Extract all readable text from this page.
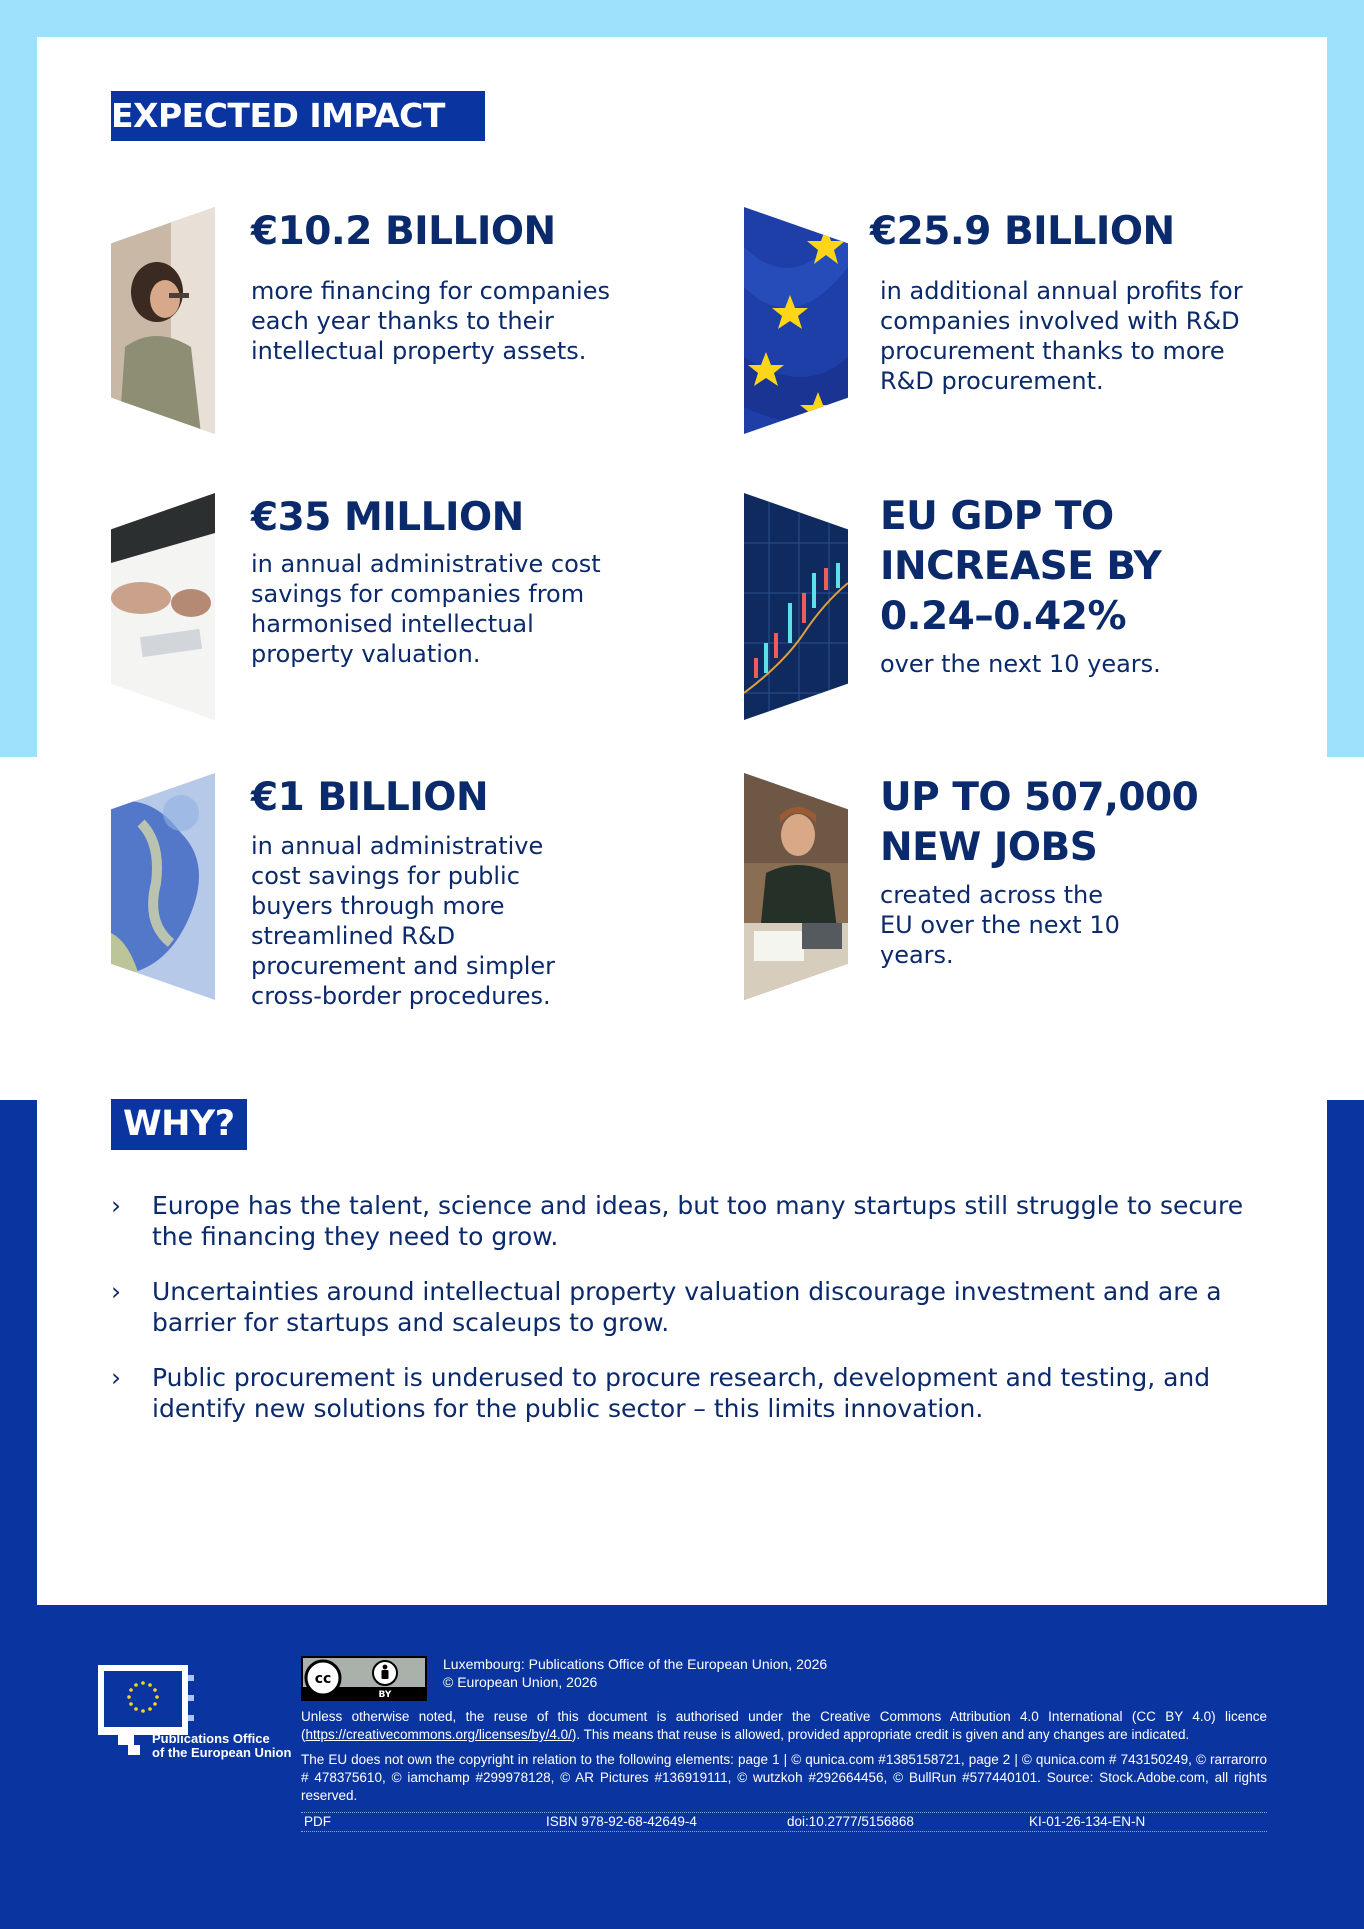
EXPECTED IMPACT
€10.2 BILLION
more financing for companies each year thanks to their intellectual property assets.
€25.9 BILLION
in additional annual profits for companies involved with R&D procurement thanks to more R&D procurement.
€35 MILLION
in annual administrative cost savings for companies from harmonised intellectual property valuation.
EU GDP TO INCREASE BY 0.24–0.42%
over the next 10 years.
€1 BILLION
in annual administrative cost savings for public buyers through more streamlined R&D procurement and simpler cross-border procedures.
UP TO 507,000 NEW JOBS
created across the EU over the next 10 years.
WHY?
› Europe has the talent, science and ideas, but too many startups still struggle to secure the financing they need to grow.
› Uncertainties around intellectual property valuation discourage investment and are a barrier for startups and scaleups to grow.
› Public procurement is underused to procure research, development and testing, and identify new solutions for the public sector – this limits innovation.
Publications Office
of the European Union
cc
BY
Luxembourg: Publications Office of the European Union, 2026
© European Union, 2026
Unless otherwise noted, the reuse of this document is authorised under the Creative Commons Attribution 4.0 International (CC BY 4.0) licence (https://creativecommons.org/licenses/by/4.0/). This means that reuse is allowed, provided appropriate credit is given and any changes are indicated.
The EU does not own the copyright in relation to the following elements: page 1 | © qunica.com #1385158721, page 2 | © qunica.com # 743150249, © rarrarorro # 478375610, © iamchamp #299978128, © AR Pictures #136919111, © wutzkoh #292664456, © BullRun #577440101. Source: Stock.Adobe.com, all rights reserved.
PDF	ISBN 978-92-68-42649-4	doi:10.2777/5156868	KI-01-26-134-EN-N
